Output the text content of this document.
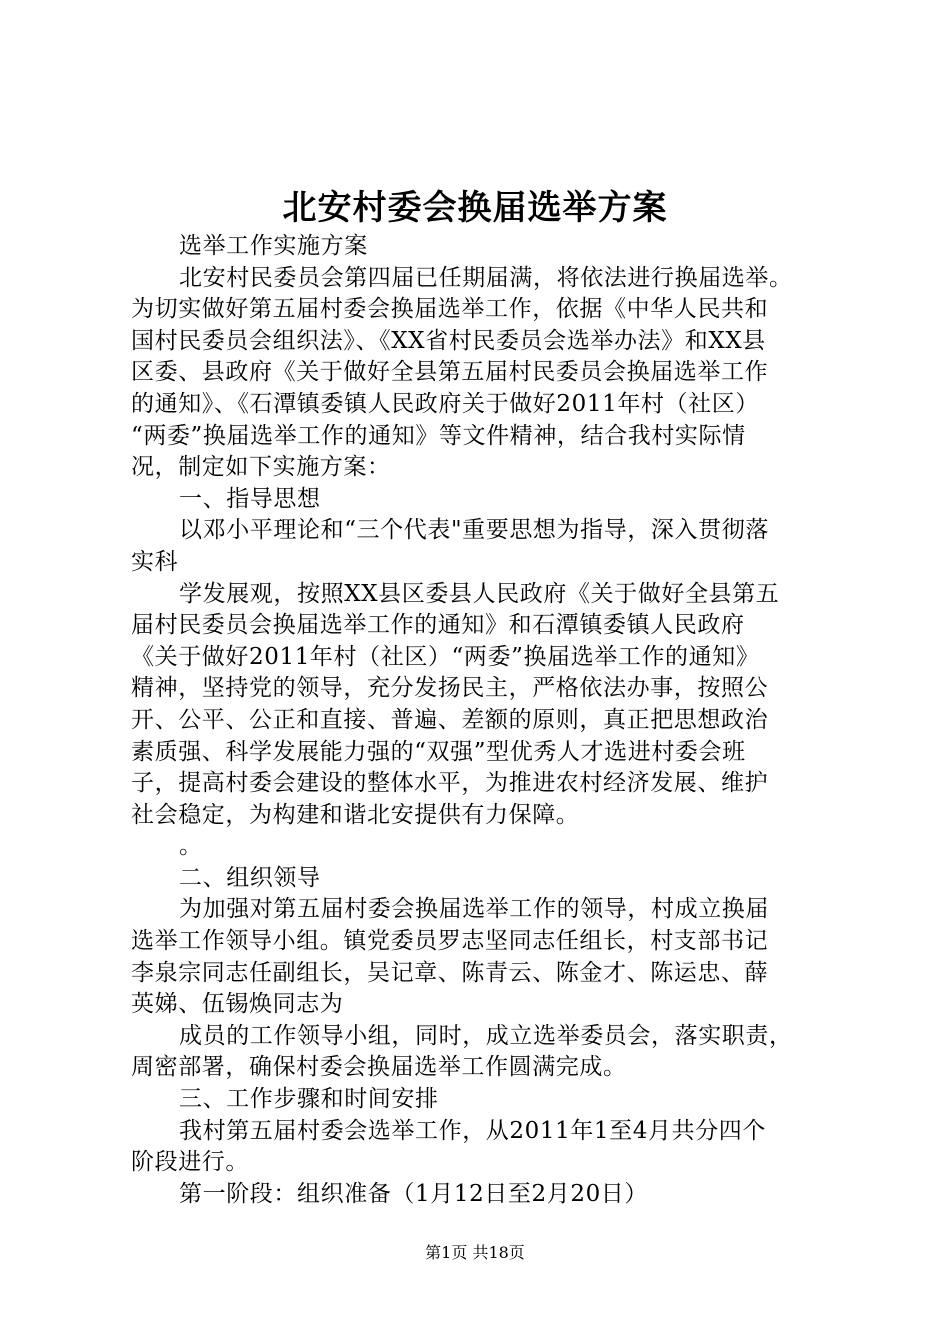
北安村委会换届选举方案
选举工作实施方案
北安村民委员会第四届已任期届满，将依法进行换届选举。
为切实做好第五届村委会换届选举工作，依据《中华人民共和
国村民委员会组织法》、《XX省村民委员会选举办法》和XX县
区委、县政府《关于做好全县第五届村民委员会换届选举工作
的通知》、《石潭镇委镇人民政府关于做好2011年村（社区）
“两委”换届选举工作的通知》等文件精神，结合我村实际情
况，制定如下实施方案：
一、指导思想
以邓小平理论和“三个代表"重要思想为指导，深入贯彻落
实科
学发展观，按照XX县区委县人民政府《关于做好全县第五
届村民委员会换届选举工作的通知》和石潭镇委镇人民政府
《关于做好2011年村（社区）“两委”换届选举工作的通知》
精神，坚持党的领导，充分发扬民主，严格依法办事，按照公
开、公平、公正和直接、普遍、差额的原则，真正把思想政治
素质强、科学发展能力强的“双强”型优秀人才选进村委会班
子，提高村委会建设的整体水平，为推进农村经济发展、维护
社会稳定，为构建和谐北安提供有力保障。
。
二、组织领导
为加强对第五届村委会换届选举工作的领导，村成立换届
选举工作领导小组。镇党委员罗志坚同志任组长，村支部书记
李泉宗同志任副组长，吴记章、陈青云、陈金才、陈运忠、薛
英娣、伍锡焕同志为
成员的工作领导小组，同时，成立选举委员会，落实职责，
周密部署，确保村委会换届选举工作圆满完成。
三、工作步骤和时间安排
我村第五届村委会选举工作，从2011年1至4月共分四个
阶段进行。
第一阶段：组织准备（1月12日至2月20日）
第1页 共18页
